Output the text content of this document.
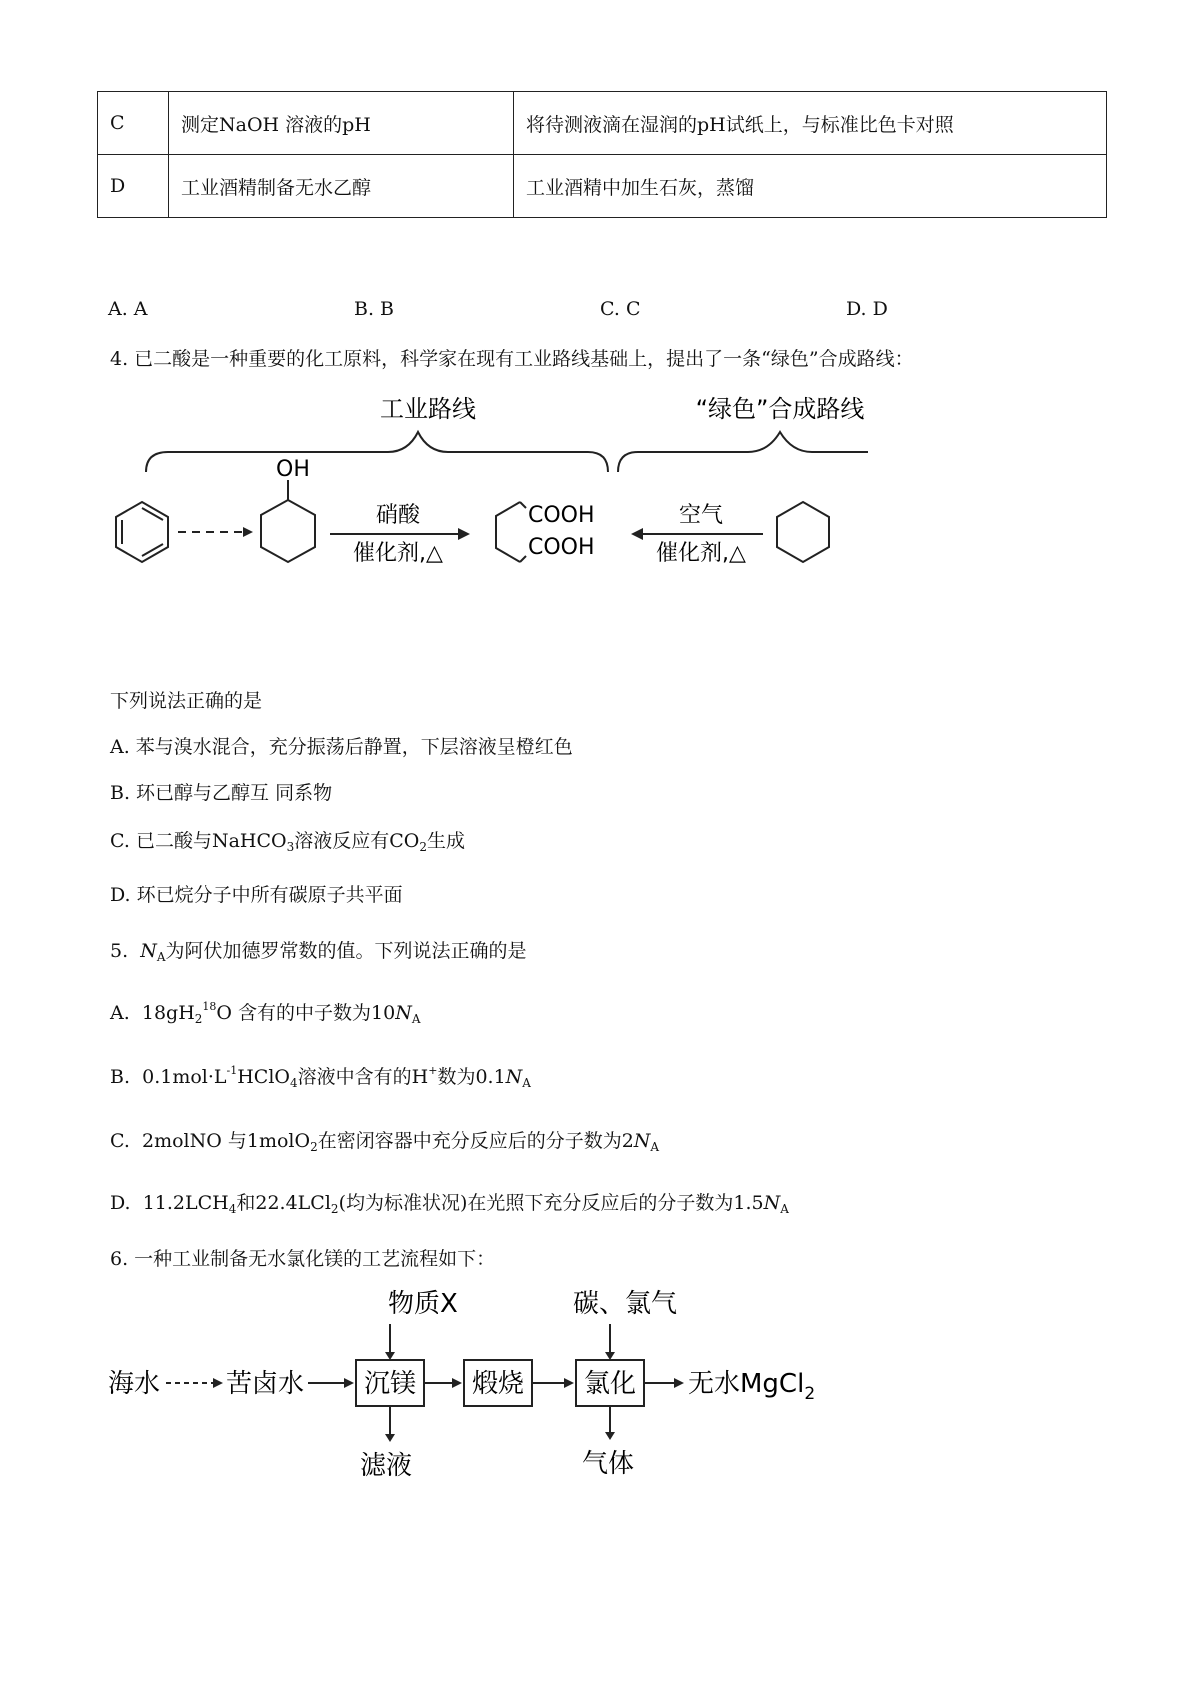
C	测定NaOH 溶液的pH	将待测液滴在湿润的pH试纸上，与标准比色卡对照
D	工业酒精制备无水乙醇	工业酒精中加生石灰，蒸馏
A. A	B. B	C. C	D. D
4. 已二酸是一种重要的化工原料，科学家在现有工业路线基础上，提出了一条“绿色”合成路线：
工业路线	“绿色”合成路线
OH
硝酸
催化剂,△
COOH
COOH
空气
催化剂,△
下列说法正确的是
A. 苯与溴水混合，充分振荡后静置，下层溶液呈橙红色
B. 环已醇与乙醇互 同系物
C. 已二酸与NaHCO$_3$溶液反应有$CO_2$生成
D. 环已烷分子中所有碳原子共平面
5. $N_A$为阿伏加德罗常数的值。下列说法正确的是
A. $18gH_2^{18}O$ 含有的中子数为$10N_A$
B. $0.1mol\cdot L^{-1}HClO_4$溶液中含有的H+数为$0.1N_A$
C. 2molNO 与1molO$_2$在密闭容器中充分反应后的分子数为$2N_A$
D. $11.2LCH_4$和22.4LCl$_2$(均为标准状况)在光照下充分反应后的分子数为$1.5N_A$
6. 一种工业制备无水氯化镁的工艺流程如下：
物质X	碳、氯气
海水	苦卤水 沉镁
滤液
煅烧 氯化
气体
无水MgCl$_2$
